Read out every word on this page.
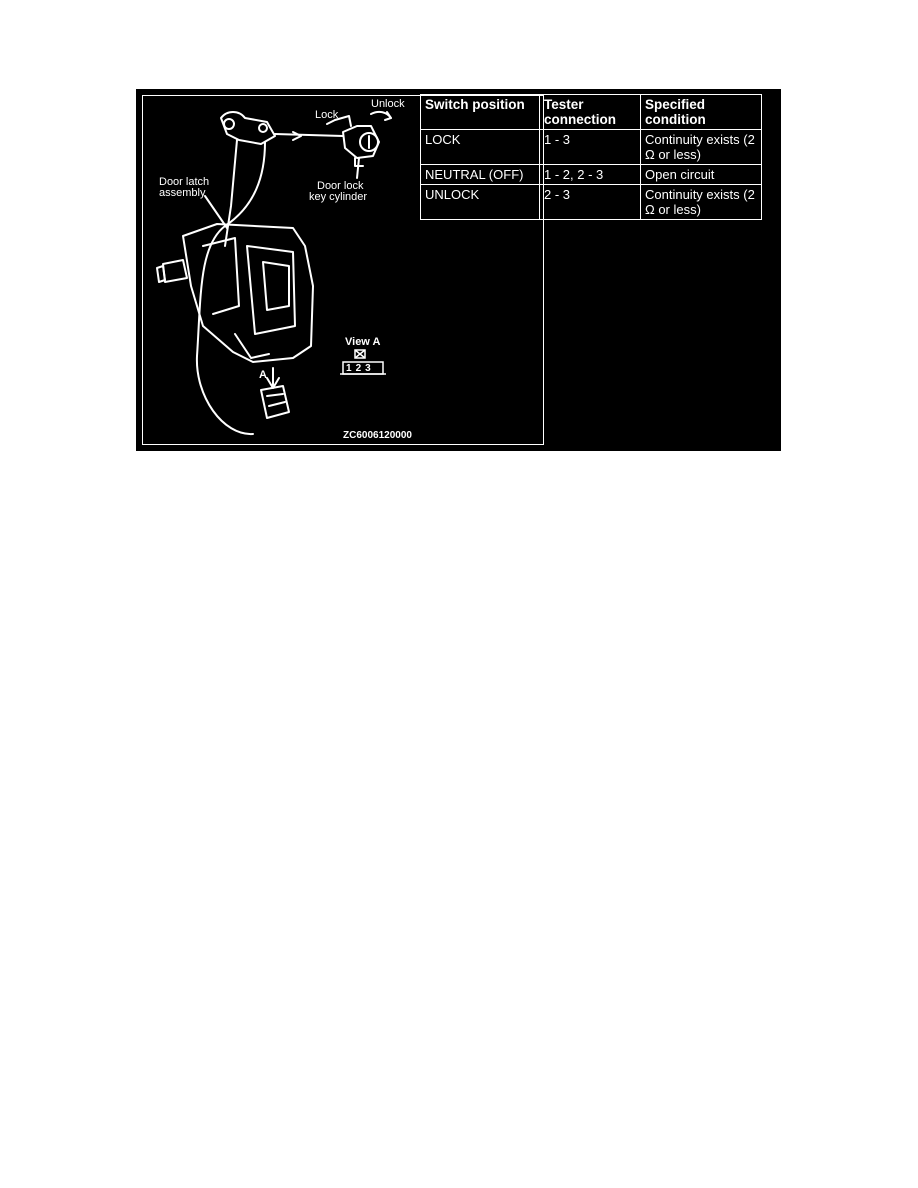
Lock
Unlock
Door latch
assembly
Door lock
key cylinder
View A
A
123
ZC6006120000
Switch position	Tester connection	Specified condition
LOCK	1 - 3	Continuity exists (2 Ω or less)
NEUTRAL (OFF)	1 - 2, 2 - 3	Open circuit
UNLOCK	2 - 3	Continuity exists (2 Ω or less)
